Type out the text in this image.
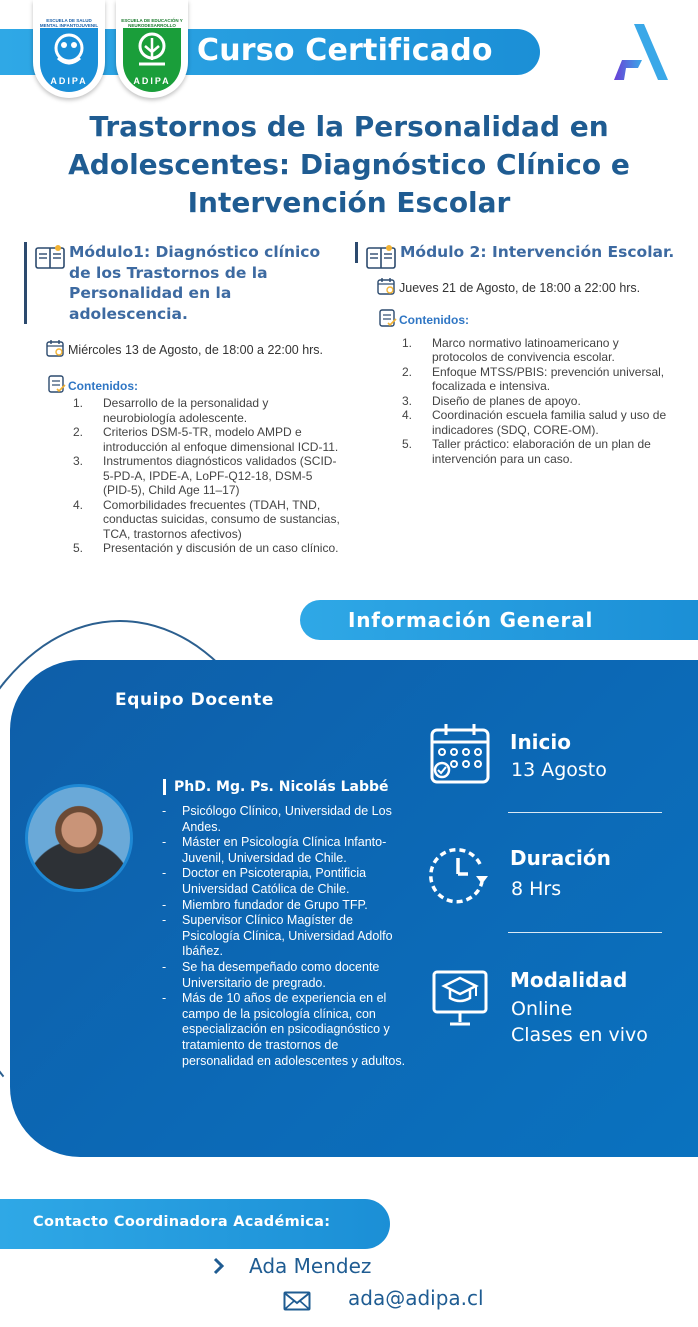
Curso Certificado
ESCUELA DE SALUD MENTAL INFANTOJUVENIL
ADIPA
ESCUELA DE EDUCACIÓN Y NEURODESARROLLO
ADIPA
Trastornos de la Personalidad en Adolescentes: Diagnóstico Clínico e Intervención Escolar
Módulo1: Diagnóstico clínico de los Trastornos de la Personalidad en la adolescencia.
Miércoles 13 de Agosto, de 18:00 a 22:00 hrs.
Contenidos:
1. Desarrollo de la personalidad y neurobiología adolescente.
2. Criterios DSM-5-TR, modelo AMPD e introducción al enfoque dimensional ICD-11.
3. Instrumentos diagnósticos validados (SCID-5-PD-A, IPDE-A, LoPF-Q12-18, DSM-5 (PID-5), Child Age 11–17)
4. Comorbilidades frecuentes (TDAH, TND, conductas suicidas, consumo de sustancias, TCA, trastornos afectivos)
5. Presentación y discusión de un caso clínico.
Módulo 2: Intervención Escolar.
Jueves 21 de Agosto, de 18:00 a 22:00 hrs.
Contenidos:
1. Marco normativo latinoamericano y protocolos de convivencia escolar.
2. Enfoque MTSS/PBIS: prevención universal, focalizada e intensiva.
3. Diseño de planes de apoyo.
4. Coordinación escuela familia salud y uso de indicadores (SDQ, CORE-OM).
5. Taller práctico: elaboración de un plan de intervención para un caso.
Información General
Equipo Docente
PhD. Mg. Ps. Nicolás Labbé
- Psicólogo Clínico, Universidad de Los Andes.
- Máster en Psicología Clínica Infanto-Juvenil, Universidad de Chile.
- Doctor en Psicoterapia, Pontificia Universidad Católica de Chile.
- Miembro fundador de Grupo TFP.
- Supervisor Clínico Magíster de Psicología Clínica, Universidad Adolfo Ibáñez.
- Se ha desempeñado como docente Universitario de pregrado.
- Más de 10 años de experiencia en el campo de la psicología clínica, con especialización en psicodiagnóstico y tratamiento de trastornos de personalidad en adolescentes y adultos.
Inicio
13 Agosto
Duración
8 Hrs
Modalidad
Online
Clases en vivo
Contacto Coordinadora Académica:
Ada Mendez
ada@adipa.cl
